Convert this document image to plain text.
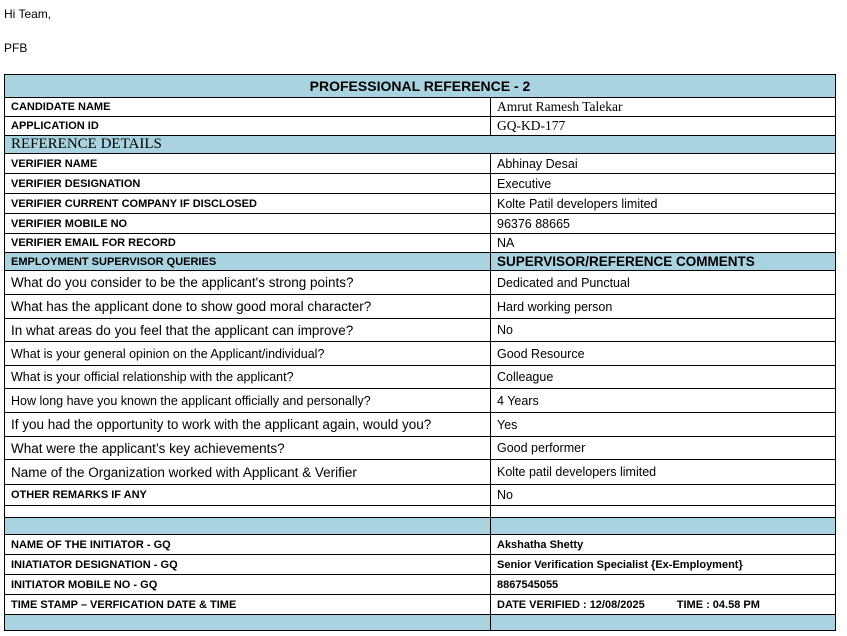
Hi Team,
PFB
PROFESSIONAL REFERENCE - 2	
CANDIDATE NAME	Amrut Ramesh Talekar
APPLICATION ID	GQ-KD-177
REFERENCE DETAILS	
VERIFIER NAME	Abhinay Desai
VERIFIER DESIGNATION	Executive
VERIFIER CURRENT COMPANY IF DISCLOSED	Kolte Patil developers limited
VERIFIER MOBILE NO	96376 88665
VERIFIER EMAIL FOR RECORD	NA
EMPLOYMENT SUPERVISOR QUERIES	SUPERVISOR/REFERENCE COMMENTS
What do you consider to be the applicant's strong points?	Dedicated and Punctual
What has the applicant done to show good moral character?	Hard working person
In what areas do you feel that the applicant can improve?	No
What is your general opinion on the Applicant/individual?	Good Resource
What is your official relationship with the applicant?	Colleague
How long have you known the applicant officially and personally?	4 Years
If you had the opportunity to work with the applicant again, would you?	Yes
What were the applicant’s key achievements?	Good performer
Name of the Organization worked with Applicant & Verifier	Kolte patil developers limited
OTHER REMARKS IF ANY	No

NAME OF THE INITIATOR - GQ	Akshatha Shetty
INIATIATOR DESIGNATION - GQ	Senior Verification Specialist {Ex-Employment}
INITIATOR MOBILE NO - GQ	8867545055
TIME STAMP – VERFICATION DATE & TIME	DATE VERIFIED : 12/08/2025 TIME : 04.58 PM
